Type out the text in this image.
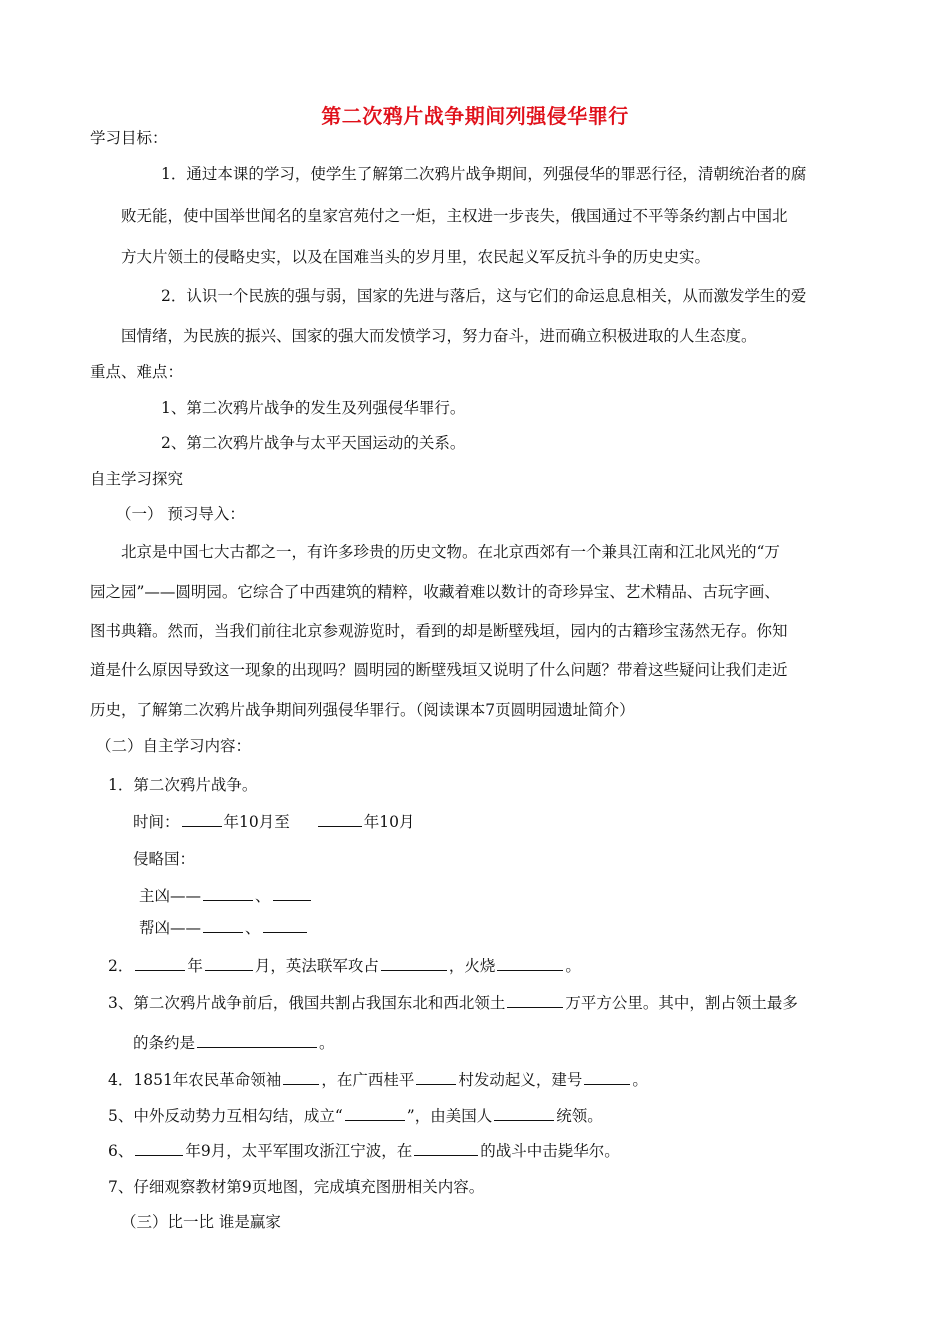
第二次鸦片战争期间列强侵华罪行
学习目标：
1．通过本课的学习，使学生了解第二次鸦片战争期间，列强侵华的罪恶行径，清朝统治者的腐
败无能，使中国举世闻名的皇家宫苑付之一炬，主权进一步丧失，俄国通过不平等条约割占中国北
方大片领土的侵略史实，以及在国难当头的岁月里，农民起义军反抗斗争的历史史实。
2．认识一个民族的强与弱，国家的先进与落后，这与它们的命运息息相关，从而激发学生的爱
国情绪，为民族的振兴、国家的强大而发愤学习，努力奋斗，进而确立积极进取的人生态度。
重点、难点：
1、第二次鸦片战争的发生及列强侵华罪行。
2、第二次鸦片战争与太平天国运动的关系。
自主学习探究
（一） 预习导入：
北京是中国七大古都之一，有许多珍贵的历史文物。在北京西郊有一个兼具江南和江北风光的“万
园之园”——圆明园。它综合了中西建筑的精粹，收藏着难以数计的奇珍异宝、艺术精品、古玩字画、
图书典籍。然而，当我们前往北京参观游览时，看到的却是断壁残垣，园内的古籍珍宝荡然无存。你知
道是什么原因导致这一现象的出现吗？圆明园的断壁残垣又说明了什么问题？带着这些疑问让我们走近
历史，了解第二次鸦片战争期间列强侵华罪行。（阅读课本7页圆明园遗址简介）
（二）自主学习内容：
1．第二次鸦片战争。
时间：	年10月至	年10月
侵略国：
主凶——	、
帮凶——	、
2．	年	月，英法联军攻占	，火烧	。
3、第二次鸦片战争前后，俄国共割占我国东北和西北领土	万平方公里。其中，割占领土最多
的条约是	。
4．1851年农民革命领袖	，在广西桂平	村发动起义，建号	。
5、中外反动势力互相勾结，成立“	”，由美国人	统领。
6、	年9月，太平军围攻浙江宁波，在	的战斗中击毙华尔。
7、仔细观察教材第9页地图，完成填充图册相关内容。
（三）比一比 谁是赢家
